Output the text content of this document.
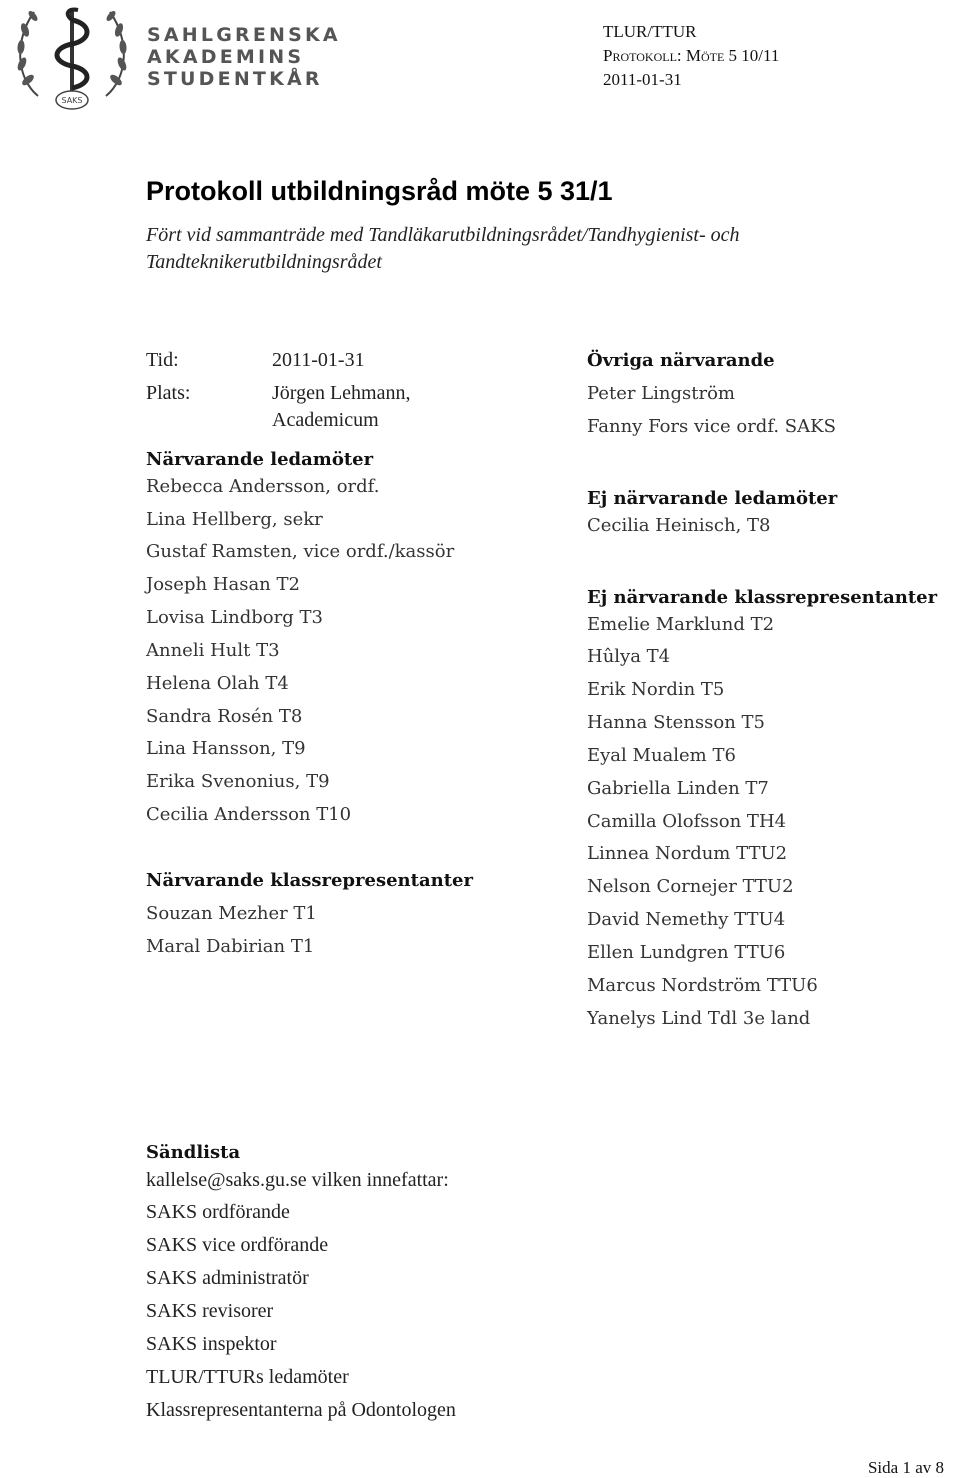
SAKS
SAHLGRENSKA
AKADEMINS
STUDENTKÅR
TLUR/TTUR
Protokoll: Möte 5 10/11
2011-01-31
Protokoll utbildningsråd möte 5 31/1
Fört vid sammanträde med Tandläkarutbildningsrådet/Tandhygienist- och
Tandteknikerutbildningsrådet
Tid:	2011-01-31
Plats:	Jörgen Lehmann,
Academicum
Närvarande ledamöter
Rebecca Andersson, ordf.
Lina Hellberg, sekr
Gustaf Ramsten, vice ordf./kassör
Joseph Hasan T2
Lovisa Lindborg T3
Anneli Hult T3
Helena Olah T4
Sandra Rosén T8
Lina Hansson, T9
Erika Svenonius, T9
Cecilia Andersson T10
Närvarande klassrepresentanter
Souzan Mezher T1
Maral Dabirian T1
Övriga närvarande
Peter Lingström
Fanny Fors vice ordf. SAKS
Ej närvarande ledamöter
Cecilia Heinisch, T8
Ej närvarande klassrepresentanter
Emelie Marklund T2
Hûlya T4
Erik Nordin T5
Hanna Stensson T5
Eyal Mualem T6
Gabriella Linden T7
Camilla Olofsson TH4
Linnea Nordum TTU2
Nelson Cornejer TTU2
David Nemethy TTU4
Ellen Lundgren TTU6
Marcus Nordström TTU6
Yanelys Lind Tdl 3e land
Sändlista
kallelse@saks.gu.se vilken innefattar:
SAKS ordförande
SAKS vice ordförande
SAKS administratör
SAKS revisorer
SAKS inspektor
TLUR/TTURs ledamöter
Klassrepresentanterna på Odontologen
Sida 1 av 8
